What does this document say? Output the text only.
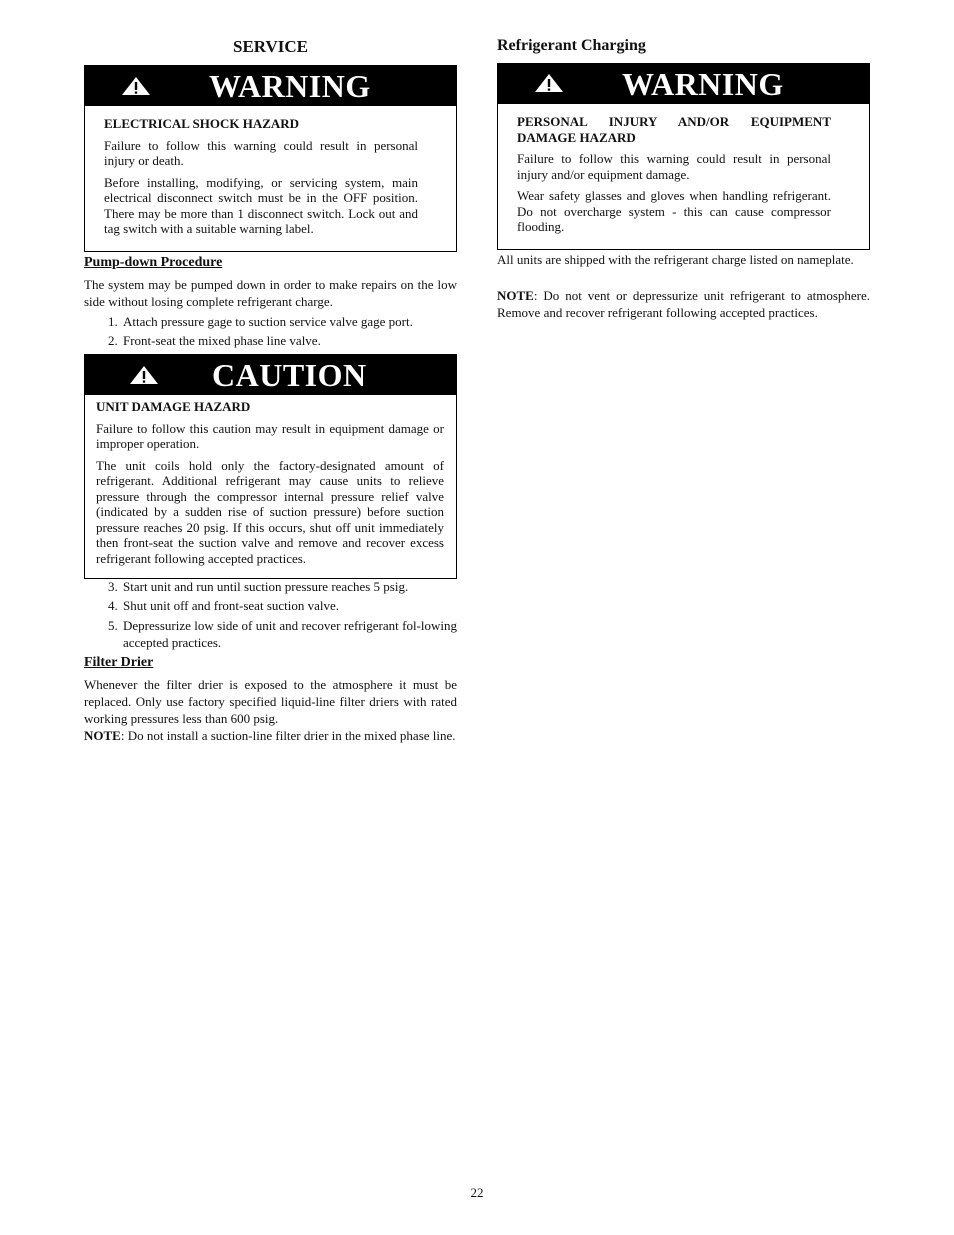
SERVICE
WARNING
ELECTRICAL SHOCK HAZARD

Failure to follow this warning could result in personal injury or death.

Before installing, modifying, or servicing system, main electrical disconnect switch must be in the OFF position. There may be more than 1 disconnect switch. Lock out and tag switch with a suitable warning label.

Pump-down Procedure

The system may be pumped down in order to make repairs on the low side without losing complete refrigerant charge.

1. Attach pressure gage to suction service valve gage port.
2. Front-seat the mixed phase line valve.
CAUTION
UNIT DAMAGE HAZARD

Failure to follow this caution may result in equipment damage or improper operation.

The unit coils hold only the factory-designated amount of refrigerant. Additional refrigerant may cause units to relieve pressure through the compressor internal pressure relief valve (indicated by a sudden rise of suction pressure) before suction pressure reaches 20 psig. If this occurs, shut off unit immediately then front-seat the suction valve and remove and recover excess refrigerant following accepted practices.

3. Start unit and run until suction pressure reaches 5 psig.
4. Shut unit off and front-seat suction valve.
5. Depressurize low side of unit and recover refrigerant fol-lowing accepted practices.
Filter Drier

Whenever the filter drier is exposed to the atmosphere it must be replaced. Only use factory specified liquid-line filter driers with rated working pressures less than 600 psig.

NOTE: Do not install a suction-line filter drier in the mixed phase line.

Refrigerant Charging
WARNING
PERSONAL INJURY AND/OR EQUIPMENT DAMAGE HAZARD

Failure to follow this warning could result in personal injury and/or equipment damage.

Wear safety glasses and gloves when handling refrigerant. Do not overcharge system - this can cause compressor flooding.

All units are shipped with the refrigerant charge listed on nameplate.

NOTE: Do not vent or depressurize unit refrigerant to atmosphere. Remove and recover refrigerant following accepted practices.

22
